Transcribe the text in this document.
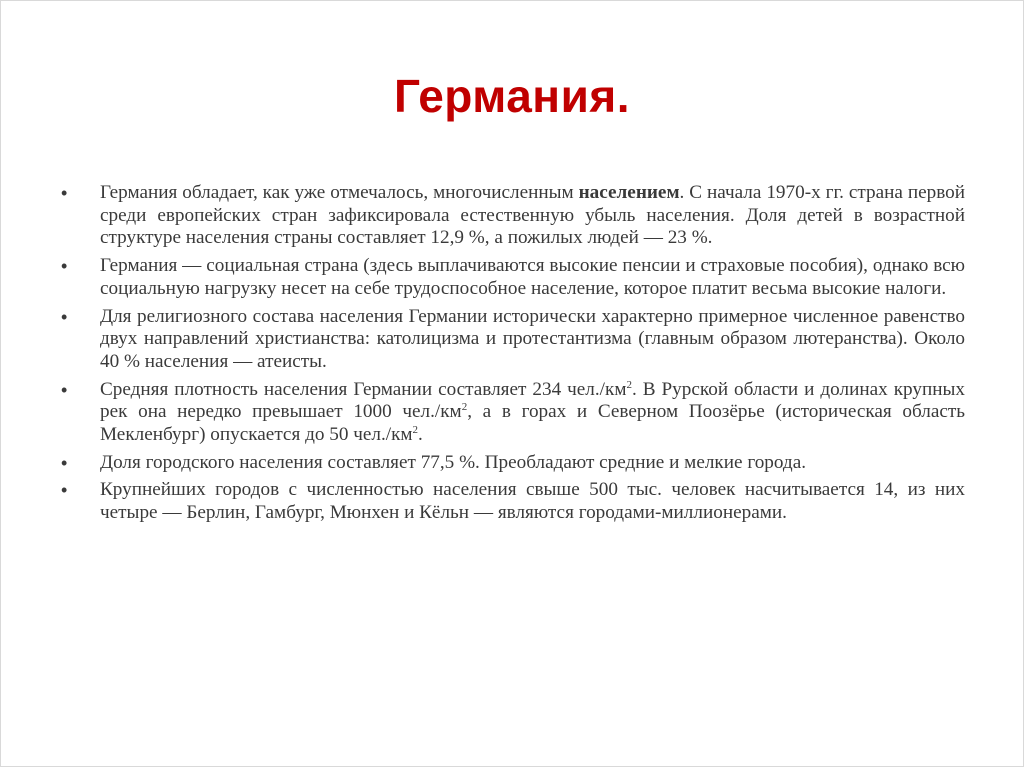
Германия.
• Германия обладает, как уже отмечалось, многочисленным населением. С начала 1970-х гг. страна первой среди европейских стран зафиксировала естественную убыль населения. Доля детей в возрастной структуре населения страны составляет 12,9 %, а пожилых людей — 23 %.
• Германия — социальная страна (здесь выплачиваются высокие пенсии и страховые пособия), однако всю социальную нагрузку несет на себе трудоспособное население, которое платит весьма высокие налоги.
• Для религиозного состава населения Германии исторически характерно примерное численное равенство двух направлений христианства: католицизма и протестантизма (главным образом лютеранства). Около 40 % населения — атеисты.
• Средняя плотность населения Германии составляет 234 $чел./км^2$. В Рурской области и долинах крупных рек она нередко превышает 1000 $чел./км^2$, а в горах и Северном Поозёрье (историческая область Мекленбург) опускается до 50 $чел./км^2$.
• Доля городского населения составляет 77,5 %. Преобладают средние и мелкие города.
• Крупнейших городов с численностью населения свыше 500 тыс. человек насчитывается 14, из них четыре — Берлин, Гамбург, Мюнхен и Кёльн — являются городами-миллионерами.
